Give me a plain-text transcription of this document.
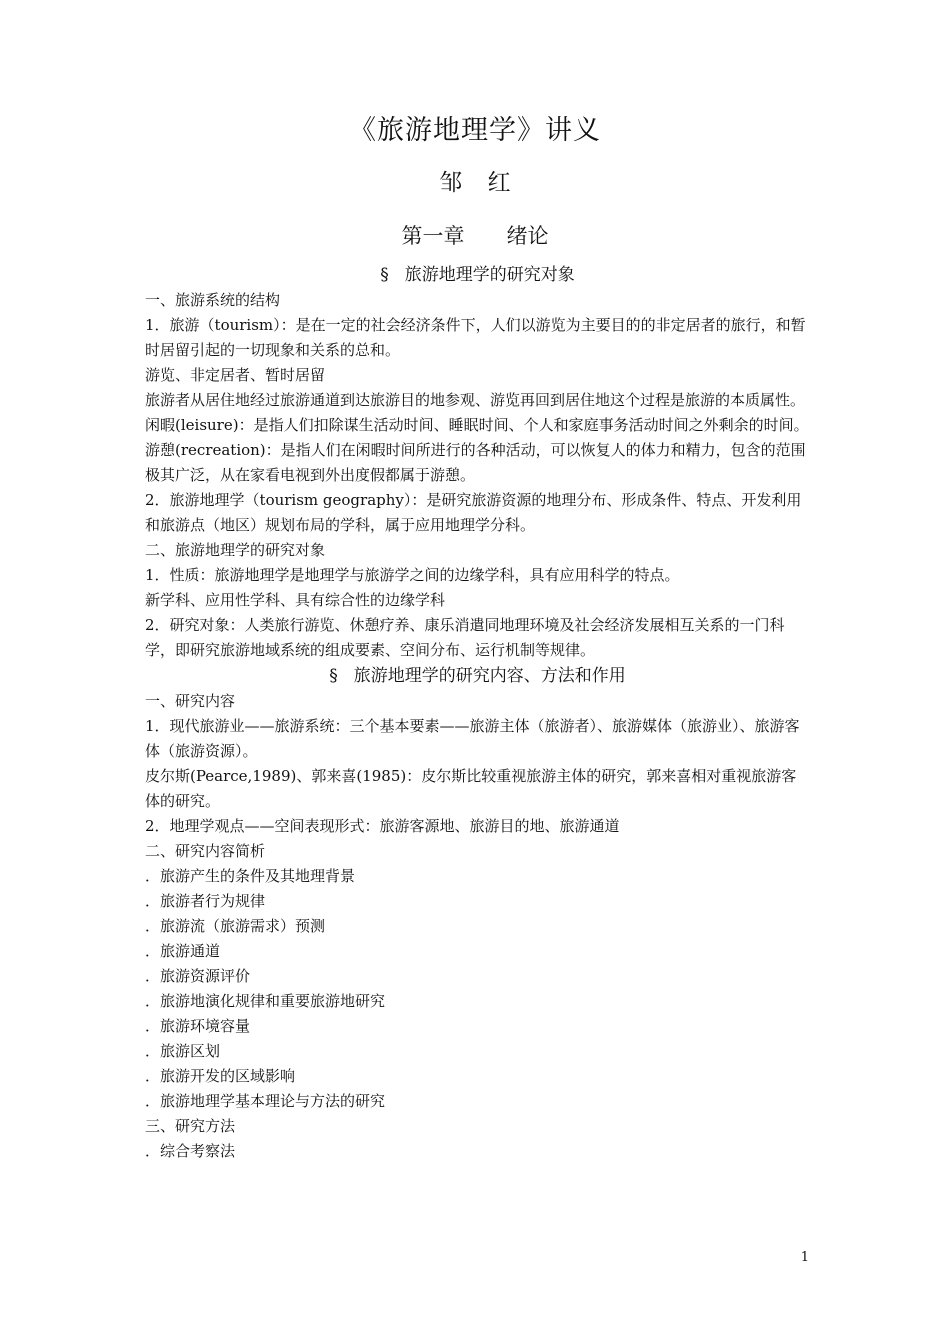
《旅游地理学》讲义
邹 红
第一章　　绪论

§ 旅游地理学的研究对象

一、旅游系统的结构

1．旅游（tourism）：是在一定的社会经济条件下，人们以游览为主要目的的非定居者的旅行，和暂时居留引起的一切现象和关系的总和。

游览、非定居者、暂时居留

旅游者从居住地经过旅游通道到达旅游目的地参观、游览再回到居住地这个过程是旅游的本质属性。

闲暇(leisure)：是指人们扣除谋生活动时间、睡眠时间、个人和家庭事务活动时间之外剩余的时间。

游憩(recreation)：是指人们在闲暇时间所进行的各种活动，可以恢复人的体力和精力，包含的范围极其广泛，从在家看电视到外出度假都属于游憩。

2．旅游地理学（tourism geography）：是研究旅游资源的地理分布、形成条件、特点、开发利用和旅游点（地区）规划布局的学科，属于应用地理学分科。

二、旅游地理学的研究对象

1．性质：旅游地理学是地理学与旅游学之间的边缘学科，具有应用科学的特点。

新学科、应用性学科、具有综合性的边缘学科

2．研究对象：人类旅行游览、休憩疗养、康乐消遣同地理环境及社会经济发展相互关系的一门科学，即研究旅游地域系统的组成要素、空间分布、运行机制等规律。

§ 旅游地理学的研究内容、方法和作用

一、研究内容

1．现代旅游业——旅游系统：三个基本要素——旅游主体（旅游者）、旅游媒体（旅游业）、旅游客体（旅游资源）。

皮尔斯(Pearce,1989)、郭来喜(1985)：皮尔斯比较重视旅游主体的研究，郭来喜相对重视旅游客体的研究。

2．地理学观点——空间表现形式：旅游客源地、旅游目的地、旅游通道

二、研究内容简析

．旅游产生的条件及其地理背景

．旅游者行为规律

．旅游流（旅游需求）预测

．旅游通道

．旅游资源评价

．旅游地演化规律和重要旅游地研究

．旅游环境容量

．旅游区划

．旅游开发的区域影响

．旅游地理学基本理论与方法的研究

三、研究方法

．综合考察法

1
